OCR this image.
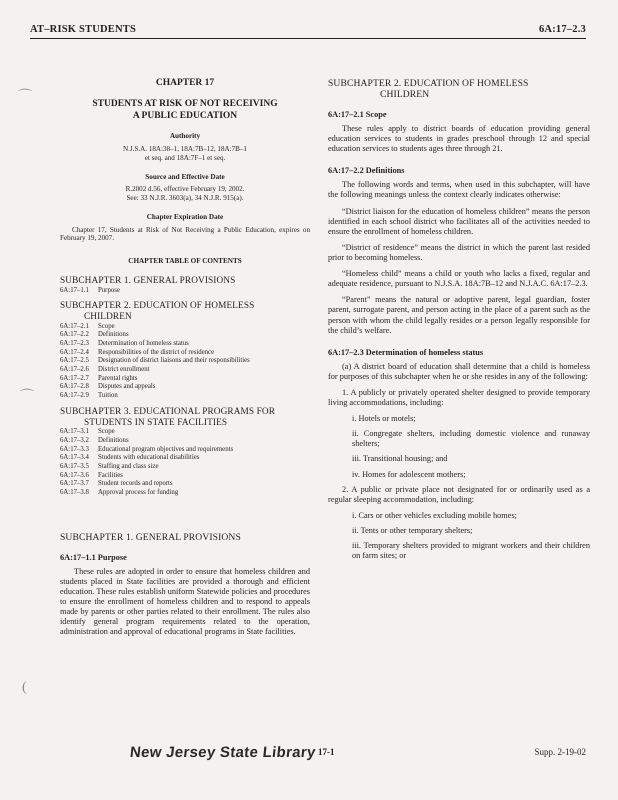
AT–RISK STUDENTS	6A:17–2.3
CHAPTER 17
STUDENTS AT RISK OF NOT RECEIVING
A PUBLIC EDUCATION
Authority
N.J.S.A. 18A:38–1, 18A:7B–12, 18A:7B–1
et seq. and 18A:7F–1 et seq.
Source and Effective Date
R.2002 d.56, effective February 19, 2002.
See: 33 N.J.R. 3603(a), 34 N.J.R. 915(a).
Chapter Expiration Date
Chapter 17, Students at Risk of Not Receiving a Public Education, expires on February 19, 2007.
CHAPTER TABLE OF CONTENTS
SUBCHAPTER 1. GENERAL PROVISIONS
6A:17–1.1	Purpose
SUBCHAPTER 2. EDUCATION OF HOMELESS
CHILDREN
6A:17–2.1	Scope
6A:17–2.2	Definitions
6A:17–2.3	Determination of homeless status
6A:17–2.4	Responsibilities of the district of residence
6A:17–2.5	Designation of district liaisons and their responsibilities
6A:17–2.6	District enrollment
6A:17–2.7	Parental rights
6A:17–2.8	Disputes and appeals
6A:17–2.9	Tuition
SUBCHAPTER 3. EDUCATIONAL PROGRAMS FOR
STUDENTS IN STATE FACILITIES
6A:17–3.1	Scope
6A:17–3.2	Definitions
6A:17–3.3	Educational program objectives and requirements
6A:17–3.4	Students with educational disabilities
6A:17–3.5	Staffing and class size
6A:17–3.6	Facilities
6A:17–3.7	Student records and reports
6A:17–3.8	Approval process for funding
SUBCHAPTER 1. GENERAL PROVISIONS
6A:17–1.1 Purpose
These rules are adopted in order to ensure that homeless children and students placed in State facilities are provided a thorough and efficient education. These rules establish uniform Statewide policies and procedures to ensure the enrollment of homeless children and to respond to appeals made by parents or other parties related to their enrollment. The rules also identify general program requirements related to the operation, administration and approval of educational programs in State facilities.
SUBCHAPTER 2. EDUCATION OF HOMELESS
CHILDREN
6A:17–2.1 Scope
These rules apply to district boards of education providing general education services to students in grades preschool through 12 and special education services to students ages three through 21.
6A:17–2.2 Definitions
The following words and terms, when used in this subchapter, will have the following meanings unless the context clearly indicates otherwise:
“District liaison for the education of homeless children” means the person identified in each school district who facilitates all of the activities needed to ensure the enrollment of homeless children.
“District of residence” means the district in which the parent last resided prior to becoming homeless.
“Homeless child” means a child or youth who lacks a fixed, regular and adequate residence, pursuant to N.J.S.A. 18A:7B–12 and N.J.A.C. 6A:17–2.3.
“Parent” means the natural or adoptive parent, legal guardian, foster parent, surrogate parent, and person acting in the place of a parent such as the person with whom the child legally resides or a person legally responsible for the child’s welfare.
6A:17–2.3 Determination of homeless status
(a) A district board of education shall determine that a child is homeless for purposes of this subchapter when he or she resides in any of the following:
1. A publicly or privately operated shelter designed to provide temporary living accommodations, including:
i. Hotels or motels;
ii. Congregate shelters, including domestic violence and runaway shelters;
iii. Transitional housing; and
iv. Homes for adolescent mothers;
2. A public or private place not designated for or ordinarily used as a regular sleeping accommodation, including:
i. Cars or other vehicles excluding mobile homes;
ii. Tents or other temporary shelters;
iii. Temporary shelters provided to migrant workers and their children on farm sites; or
⌒
⌒
(
New Jersey State Library 17-1	Supp. 2-19-02
